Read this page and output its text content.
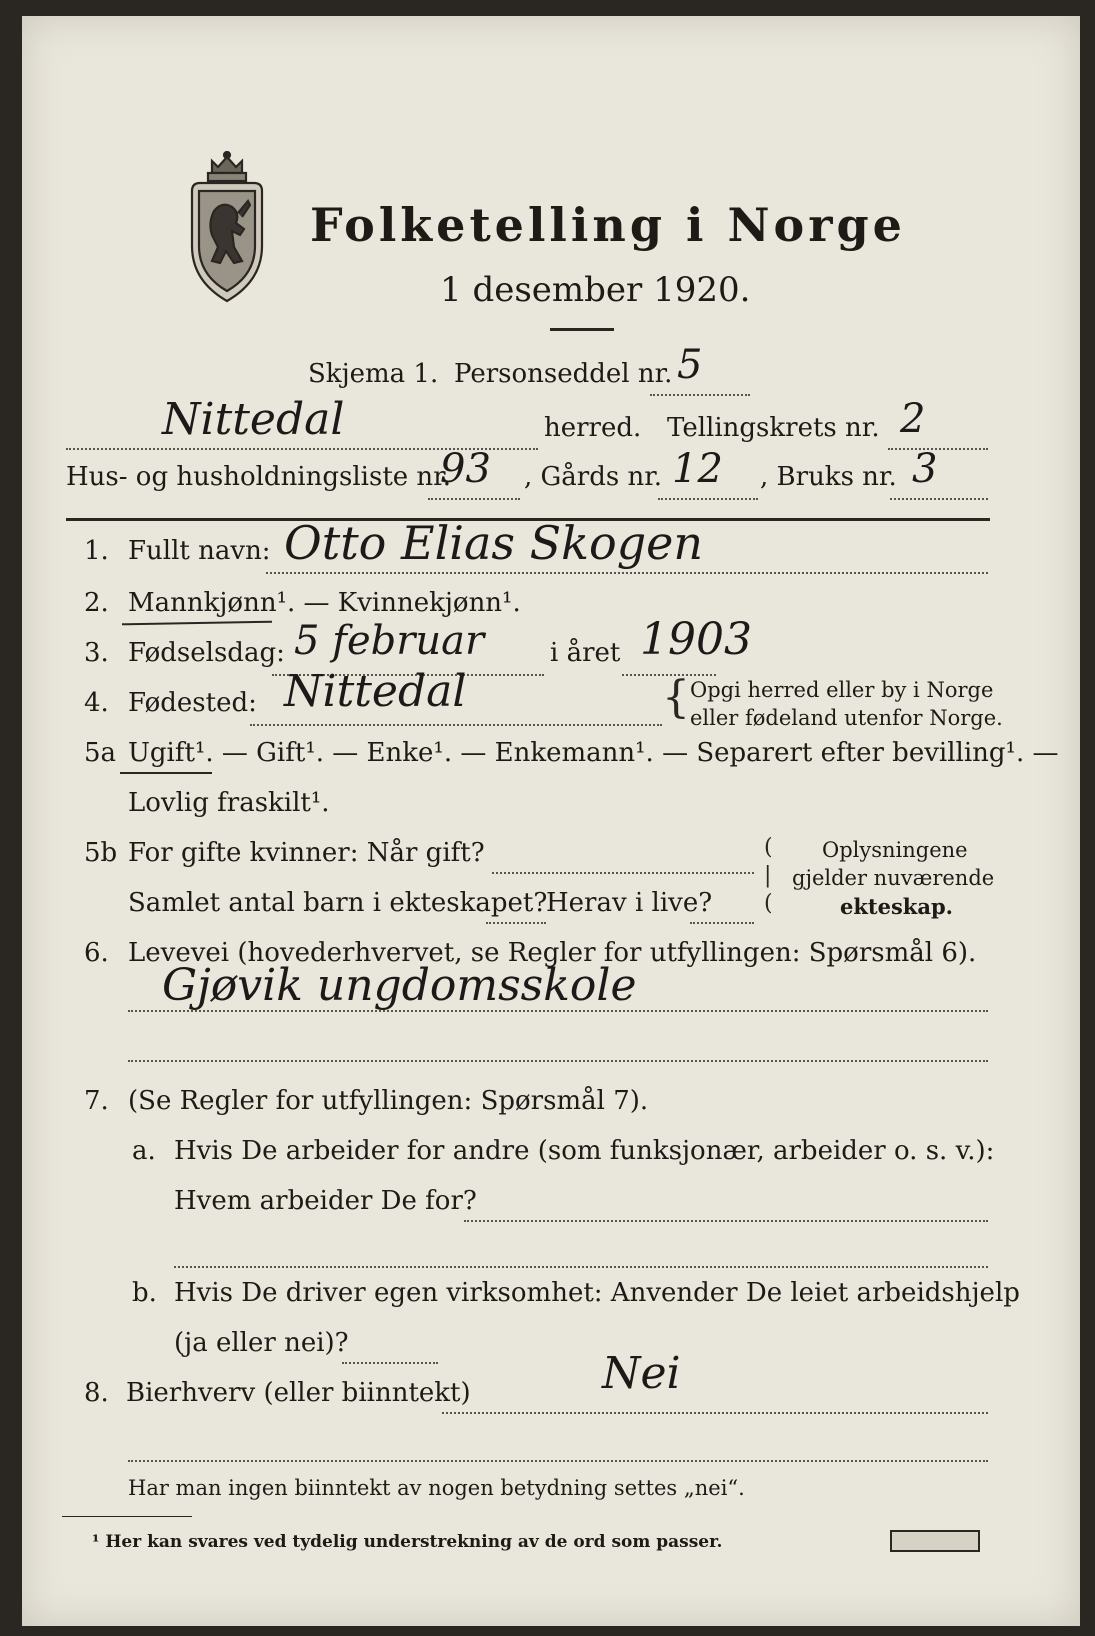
Folketelling i Norge
1 desember 1920.
Skjema 1. Personseddel nr. 5
Nittedal	herred. Tellingskrets nr. 2
Hus- og husholdningsliste nr.
93 , Gårds nr. 12 , Bruks nr. 3
1. Fullt navn: Otto Elias Skogen
2. Mannkjønn¹. — Kvinnekjønn¹.
3. Fødselsdag: 5 februar	i året 1903
4. Fødested: Nittedal	{ Opgi herred eller by i Norge
eller fødeland utenfor Norge.
5a Ugift¹. — Gift¹. — Enke¹. — Enkemann¹. — Separert efter bevilling¹. —
Lovlig fraskilt¹.
5b For gifte kvinner: Når gift?
Samlet antal barn i ekteskapet?
Herav i live?
(
|
(
Oplysningene
gjelder nuværende
ekteskap.
6. Levevei (hovederhvervet, se Regler for utfyllingen: Spørsmål 6).
Gjøvik ungdomsskole
7. (Se Regler for utfyllingen: Spørsmål 7).
a. Hvis De arbeider for andre (som funksjonær, arbeider o. s. v.):
Hvem arbeider De for?
b. Hvis De driver egen virksomhet: Anvender De leiet arbeidshjelp
(ja eller nei)?
8. Bierhverv (eller biinntekt)	Nei
Har man ingen biinntekt av nogen betydning settes „nei“.
¹ Her kan svares ved tydelig understrekning av de ord som passer.
